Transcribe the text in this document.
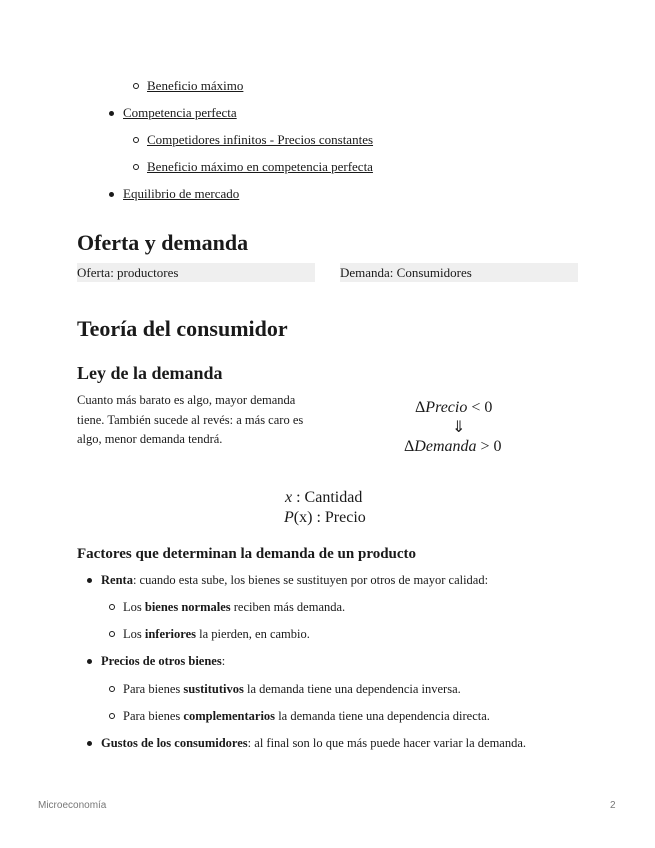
Beneficio máximo
Competencia perfecta
Competidores infinitos - Precios constantes
Beneficio máximo en competencia perfecta
Equilibrio de mercado
Oferta y demanda
Oferta: productores	Demanda: Consumidores
Teoría del consumidor
Ley de la demanda

Cuanto más barato es algo, mayor demanda tiene. También sucede al revés: a más caro es algo, menor demanda tendrá.

ΔPrecio < 0
⇓
ΔDemanda > 0
x : Cantidad
P(x) : Precio
Factores que determinan la demanda de un producto
Renta: cuando esta sube, los bienes se sustituyen por otros de mayor calidad:
Los bienes normales reciben más demanda.
Los inferiores la pierden, en cambio.
Precios de otros bienes:
Para bienes sustitutivos la demanda tiene una dependencia inversa.
Para bienes complementarios la demanda tiene una dependencia directa.
Gustos de los consumidores: al final son lo que más puede hacer variar la demanda.
Microeconomía	2
